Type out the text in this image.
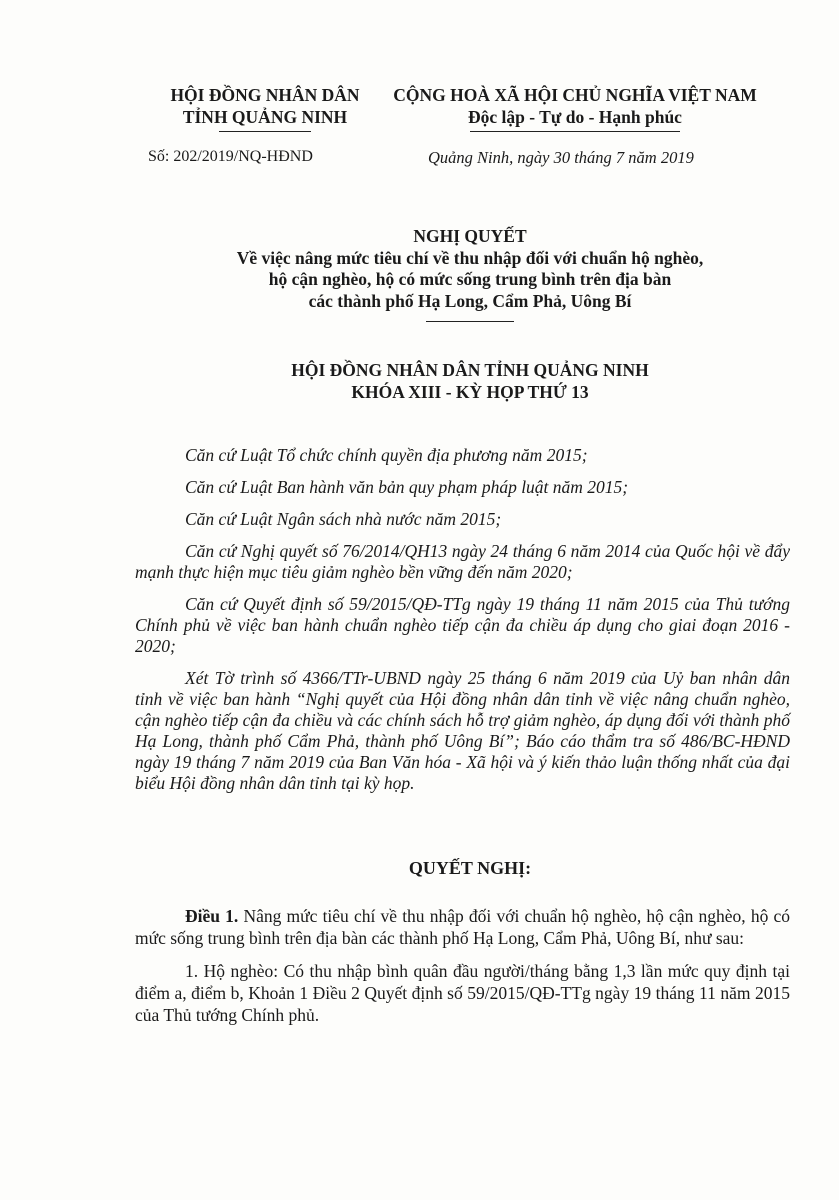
HỘI ĐỒNG NHÂN DÂN
TỈNH QUẢNG NINH
CỘNG HOÀ XÃ HỘI CHỦ NGHĨA VIỆT NAM
Độc lập - Tự do - Hạnh phúc
Số: 202/2019/NQ-HĐND	Quảng Ninh, ngày 30 tháng 7 năm 2019
NGHỊ QUYẾT
Về việc nâng mức tiêu chí về thu nhập đối với chuẩn hộ nghèo,
hộ cận nghèo, hộ có mức sống trung bình trên địa bàn
các thành phố Hạ Long, Cẩm Phả, Uông Bí
HỘI ĐỒNG NHÂN DÂN TỈNH QUẢNG NINH
KHÓA XIII - KỲ HỌP THỨ 13

Căn cứ Luật Tổ chức chính quyền địa phương năm 2015;

Căn cứ Luật Ban hành văn bản quy phạm pháp luật năm 2015;

Căn cứ Luật Ngân sách nhà nước năm 2015;

Căn cứ Nghị quyết số 76/2014/QH13 ngày 24 tháng 6 năm 2014 của Quốc hội về đẩy mạnh thực hiện mục tiêu giảm nghèo bền vững đến năm 2020;

Căn cứ Quyết định số 59/2015/QĐ-TTg ngày 19 tháng 11 năm 2015 của Thủ tướng Chính phủ về việc ban hành chuẩn nghèo tiếp cận đa chiều áp dụng cho giai đoạn 2016 - 2020;

Xét Tờ trình số 4366/TTr-UBND ngày 25 tháng 6 năm 2019 của Uỷ ban nhân dân tỉnh về việc ban hành “Nghị quyết của Hội đồng nhân dân tỉnh về việc nâng chuẩn nghèo, cận nghèo tiếp cận đa chiều và các chính sách hỗ trợ giảm nghèo, áp dụng đối với thành phố Hạ Long, thành phố Cẩm Phả, thành phố Uông Bí”; Báo cáo thẩm tra số 486/BC-HĐND ngày 19 tháng 7 năm 2019 của Ban Văn hóa - Xã hội và ý kiến thảo luận thống nhất của đại biểu Hội đồng nhân dân tỉnh tại kỳ họp.

QUYẾT NGHỊ:

Điều 1. Nâng mức tiêu chí về thu nhập đối với chuẩn hộ nghèo, hộ cận nghèo, hộ có mức sống trung bình trên địa bàn các thành phố Hạ Long, Cẩm Phả, Uông Bí, như sau:

1. Hộ nghèo: Có thu nhập bình quân đầu người/tháng bằng 1,3 lần mức quy định tại điểm a, điểm b, Khoản 1 Điều 2 Quyết định số 59/2015/QĐ-TTg ngày 19 tháng 11 năm 2015 của Thủ tướng Chính phủ.
